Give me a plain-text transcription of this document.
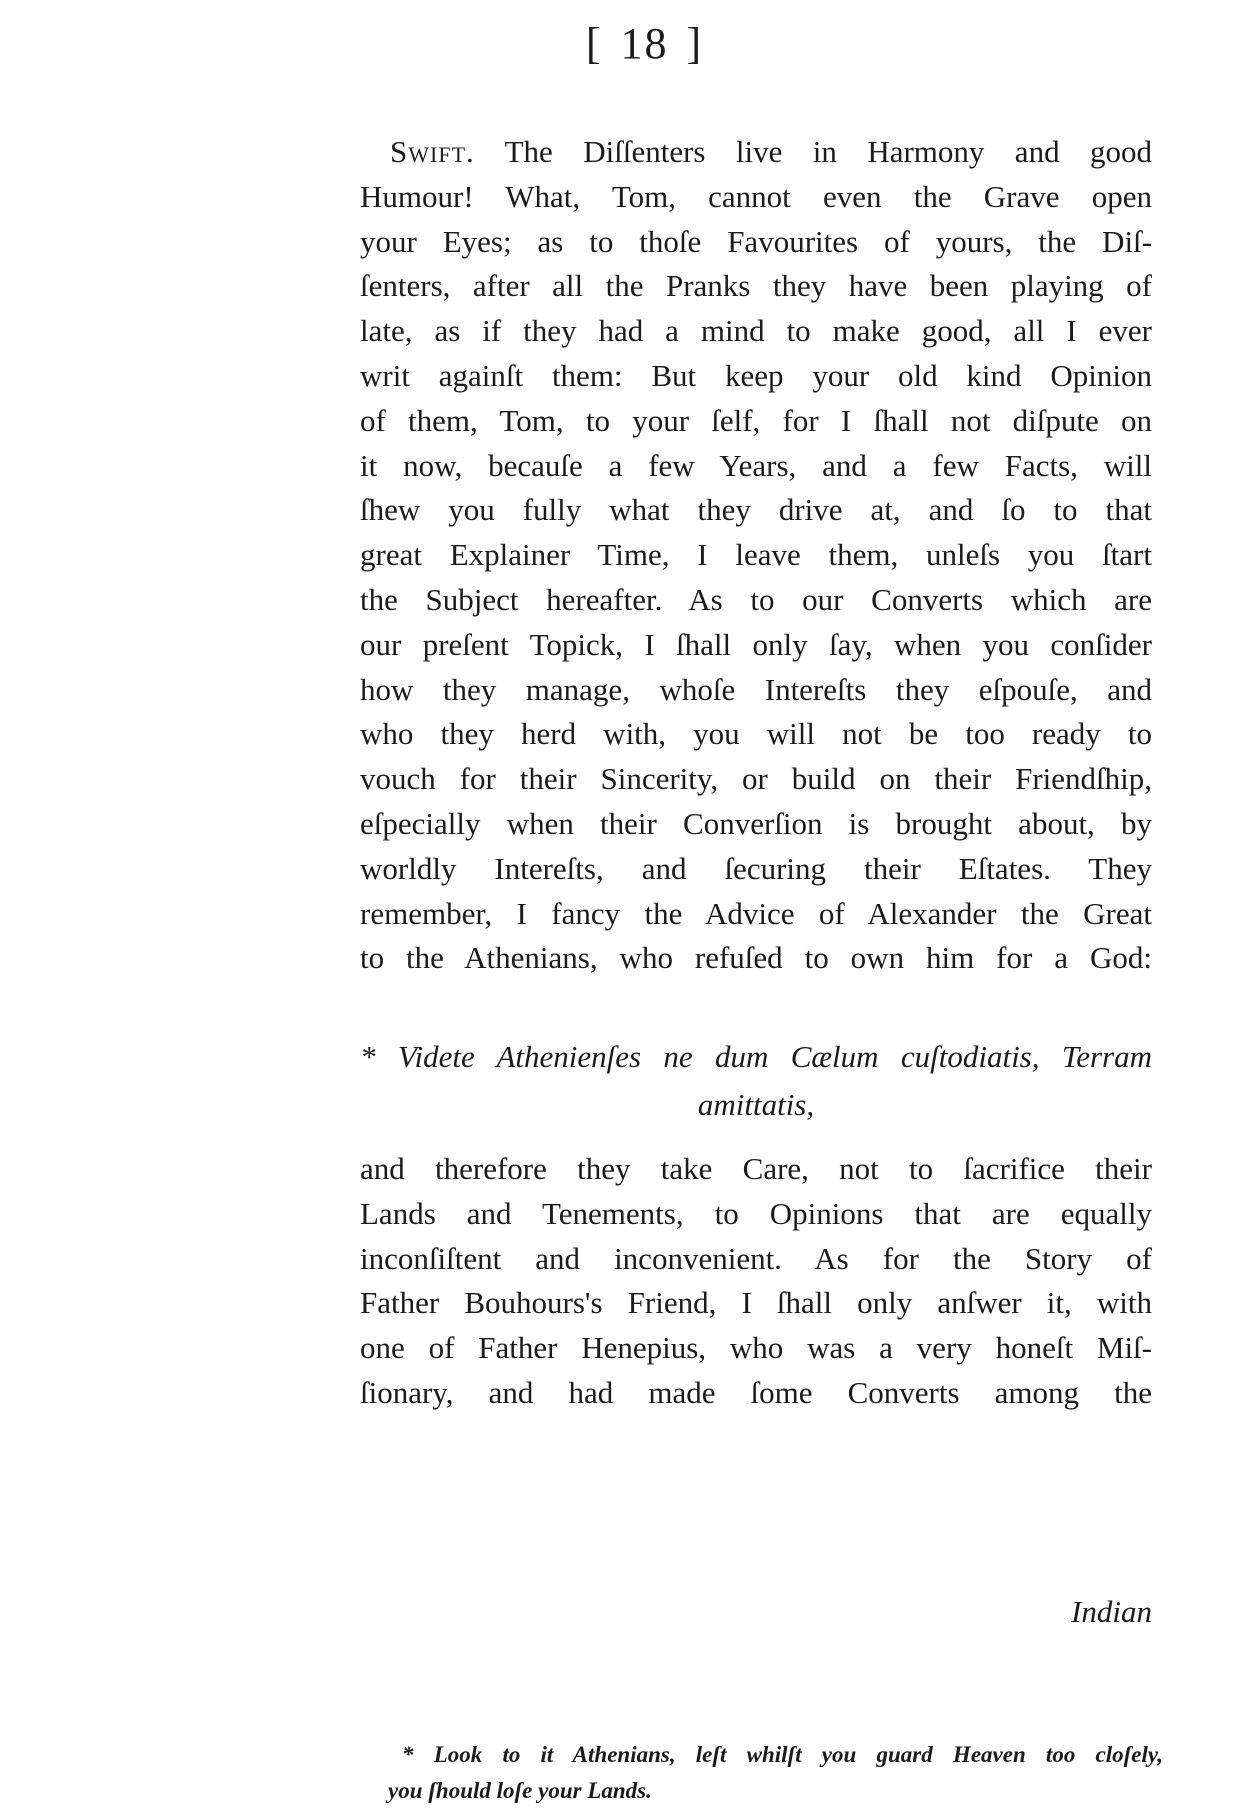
[ 18 ]
Swift. The Diſſenters live in Harmony and good
Humour! What, Tom, cannot even the Grave open
your Eyes; as to thoſe Favourites of yours, the Diſ-
ſenters, after all the Pranks they have been playing of
late, as if they had a mind to make good, all I ever
writ againſt them: But keep your old kind Opinion
of them, Tom, to your ſelf, for I ſhall not diſpute on
it now, becauſe a few Years, and a few Facts, will
ſhew you fully what they drive at, and ſo to that
great Explainer Time, I leave them, unleſs you ſtart
the Subject hereafter. As to our Converts which are
our preſent Topick, I ſhall only ſay, when you conſider
how they manage, whoſe Intereſts they eſpouſe, and
who they herd with, you will not be too ready to
vouch for their Sincerity, or build on their Friendſhip,
eſpecially when their Converſion is brought about, by
worldly Intereſts, and ſecuring their Eſtates. They
remember, I fancy the Advice of Alexander the Great
to the Athenians, who refuſed to own him for a God:
* Videte Athenienſes ne dum Cælum cuſtodiatis, Terram
amittatis,
and therefore they take Care, not to ſacrifice their
Lands and Tenements, to Opinions that are equally
inconſiſtent and inconvenient. As for the Story of
Father Bouhours's Friend, I ſhall only anſwer it, with
one of Father Henepius, who was a very honeſt Miſ-
ſionary, and had made ſome Converts among the
Indian
* Look to it Athenians, leſt whilſt you guard Heaven too cloſely,
you ſhould loſe your Lands.
